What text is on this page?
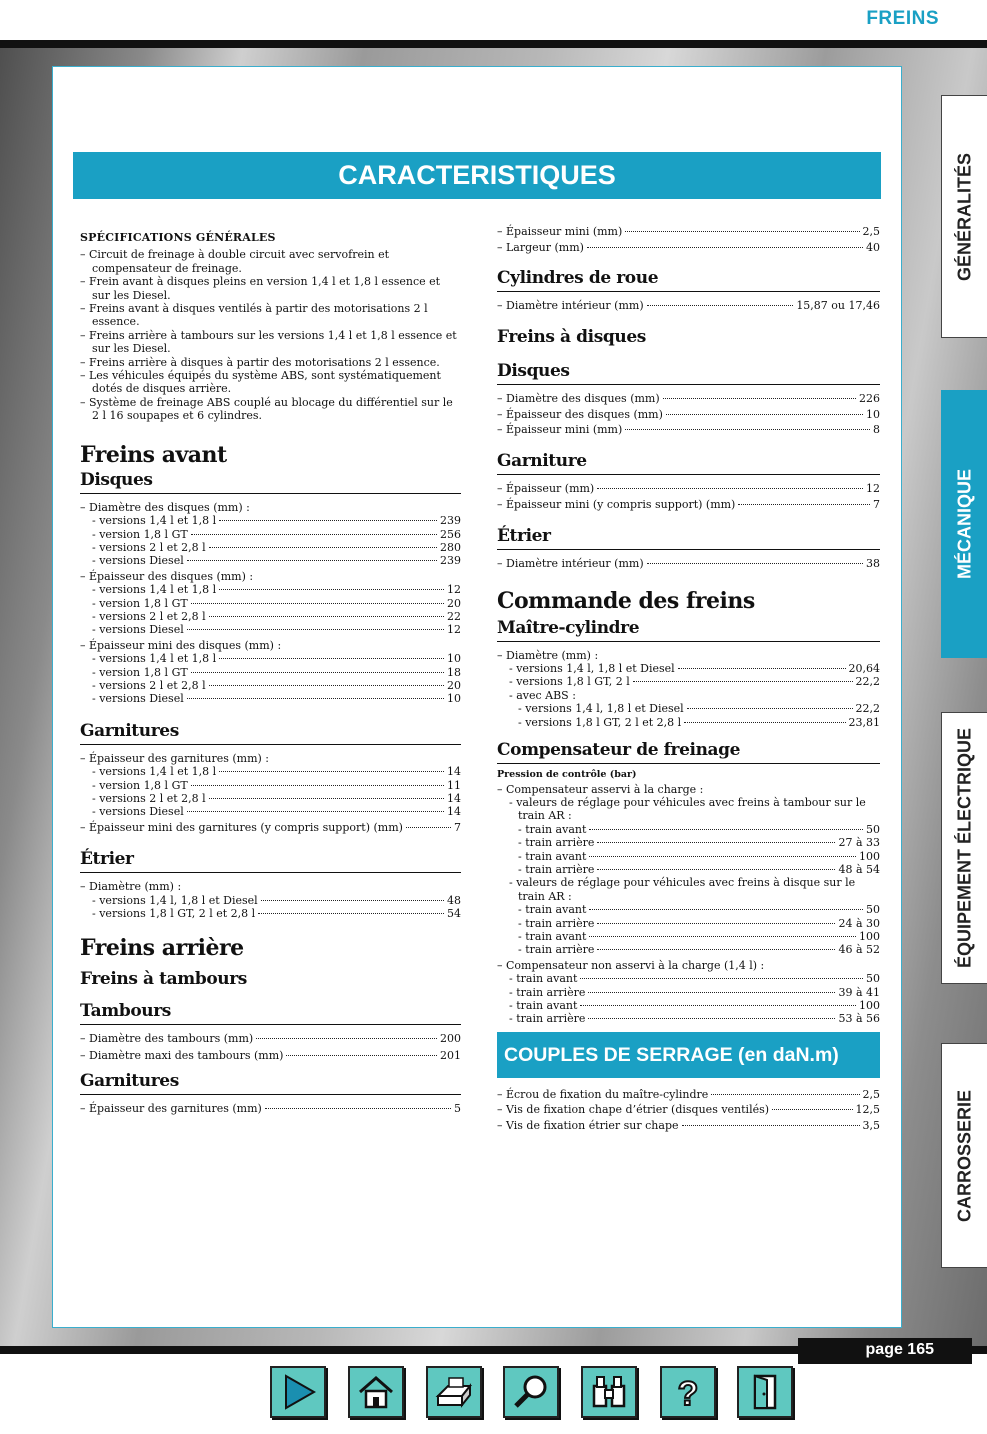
FREINS
GÉNÉRALITÉS
MÉCANIQUE
ÉQUIPEMENT ÉLECTRIQUE
CARROSSERIE
CARACTERISTIQUES
SPÉCIFICATIONS GÉNÉRALES
– Circuit de freinage à double circuit avec servofrein et compensateur de freinage.
– Frein avant à disques pleins en version 1,4 l et 1,8 l essence et sur les Diesel.
– Freins avant à disques ventilés à partir des motorisations 2 l essence.
– Freins arrière à tambours sur les versions 1,4 l et 1,8 l essence et sur les Diesel.
– Freins arrière à disques à partir des motorisations 2 l essence.
– Les véhicules équipés du système ABS, sont systématiquement dotés de disques arrière.
– Système de freinage ABS couplé au blocage du différentiel sur le 2 l 16 soupapes et 6 cylindres.
Freins avant
Disques
– Diamètre des disques (mm) :
- versions 1,4 l et 1,8 l	239
- version 1,8 l GT	256
- versions 2 l et 2,8 l	280
- versions Diesel	239
– Épaisseur des disques (mm) :
- versions 1,4 l et 1,8 l	12
- version 1,8 l GT	20
- versions 2 l et 2,8 l	22
- versions Diesel	12
– Épaisseur mini des disques (mm) :
- versions 1,4 l et 1,8 l	10
- version 1,8 l GT	18
- versions 2 l et 2,8 l	20
- versions Diesel	10
Garnitures
– Épaisseur des garnitures (mm) :
- versions 1,4 l et 1,8 l	14
- version 1,8 l GT	11
- versions 2 l et 2,8 l	14
- versions Diesel	14
– Épaisseur mini des garnitures (y compris support) (mm)	7
Étrier
– Diamètre (mm) :
- versions 1,4 l, 1,8 l et Diesel	48
- versions 1,8 l GT, 2 l et 2,8 l	54
Freins arrière
Freins à tambours
Tambours
– Diamètre des tambours (mm)	200
– Diamètre maxi des tambours (mm)	201
Garnitures
– Épaisseur des garnitures (mm)	5
– Épaisseur mini (mm)	2,5
– Largeur (mm)	40
Cylindres de roue
– Diamètre intérieur (mm)	15,87 ou 17,46
Freins à disques
Disques
– Diamètre des disques (mm)	226
– Épaisseur des disques (mm)	10
– Épaisseur mini (mm)	8
Garniture
– Épaisseur (mm)	12
– Épaisseur mini (y compris support) (mm)	7
Étrier
– Diamètre intérieur (mm)	38
Commande des freins
Maître-cylindre
– Diamètre (mm) :
- versions 1,4 l, 1,8 l et Diesel	20,64
- versions 1,8 l GT, 2 l	22,2
- avec ABS :
- versions 1,4 l, 1,8 l et Diesel	22,2
- versions 1,8 l GT, 2 l et 2,8 l	23,81
Compensateur de freinage
Pression de contrôle (bar)
– Compensateur asservi à la charge :
- valeurs de réglage pour véhicules avec freins à tambour sur le train AR :
- train avant	50
- train arrière	27 à 33
- train avant	100
- train arrière	48 à 54
- valeurs de réglage pour véhicules avec freins à disque sur le train AR :
- train avant	50
- train arrière	24 à 30
- train avant	100
- train arrière	46 à 52
– Compensateur non asservi à la charge (1,4 l) :
- train avant	50
- train arrière	39 à 41
- train avant	100
- train arrière	53 à 56
COUPLES DE SERRAGE (en daN.m)
– Écrou de fixation du maître-cylindre	2,5
– Vis de fixation chape d’étrier (disques ventilés)	12,5
– Vis de fixation étrier sur chape	3,5
page 165
?
